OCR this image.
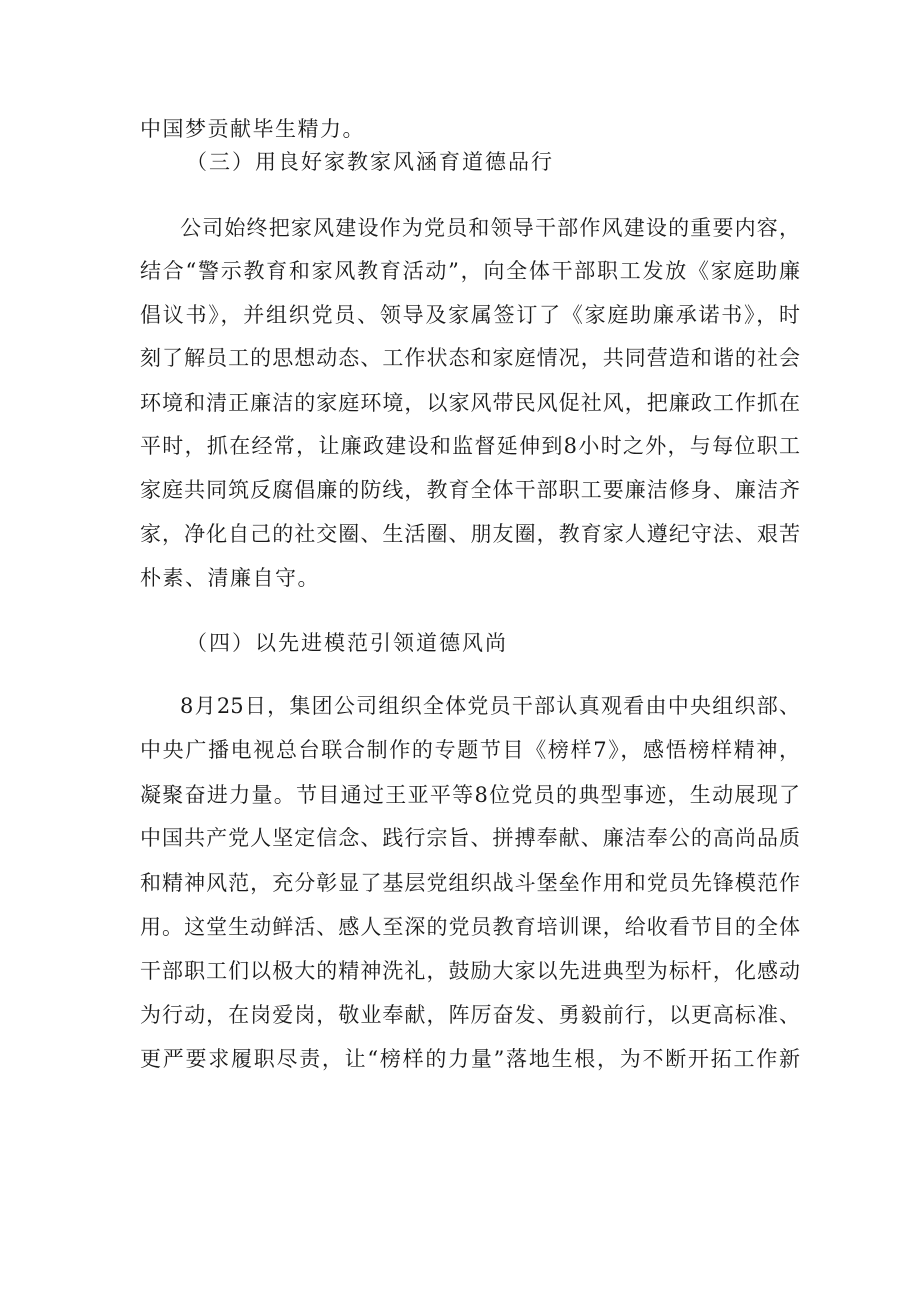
中国梦贡献毕生精力。
（三）用良好家教家风涵育道德品行
公司始终把家风建设作为党员和领导干部作风建设的重要内容，
结合“警示教育和家风教育活动”，向全体干部职工发放《家庭助廉
倡议书》，并组织党员、领导及家属签订了《家庭助廉承诺书》，时
刻了解员工的思想动态、工作状态和家庭情况，共同营造和谐的社会
环境和清正廉洁的家庭环境，以家风带民风促社风，把廉政工作抓在
平时，抓在经常，让廉政建设和监督延伸到8小时之外，与每位职工
家庭共同筑反腐倡廉的防线，教育全体干部职工要廉洁修身、廉洁齐
家，净化自己的社交圈、生活圈、朋友圈，教育家人遵纪守法、艰苦
朴素、清廉自守。
（四）以先进模范引领道德风尚
8月25日，集团公司组织全体党员干部认真观看由中央组织部、
中央广播电视总台联合制作的专题节目《榜样7》，感悟榜样精神，
凝聚奋进力量。节目通过王亚平等8位党员的典型事迹，生动展现了
中国共产党人坚定信念、践行宗旨、拼搏奉献、廉洁奉公的高尚品质
和精神风范，充分彰显了基层党组织战斗堡垒作用和党员先锋模范作
用。这堂生动鲜活、感人至深的党员教育培训课，给收看节目的全体
干部职工们以极大的精神洗礼，鼓励大家以先进典型为标杆，化感动
为行动，在岗爱岗，敬业奉献，阵厉奋发、勇毅前行，以更高标准、
更严要求履职尽责，让“榜样的力量”落地生根，为不断开拓工作新
